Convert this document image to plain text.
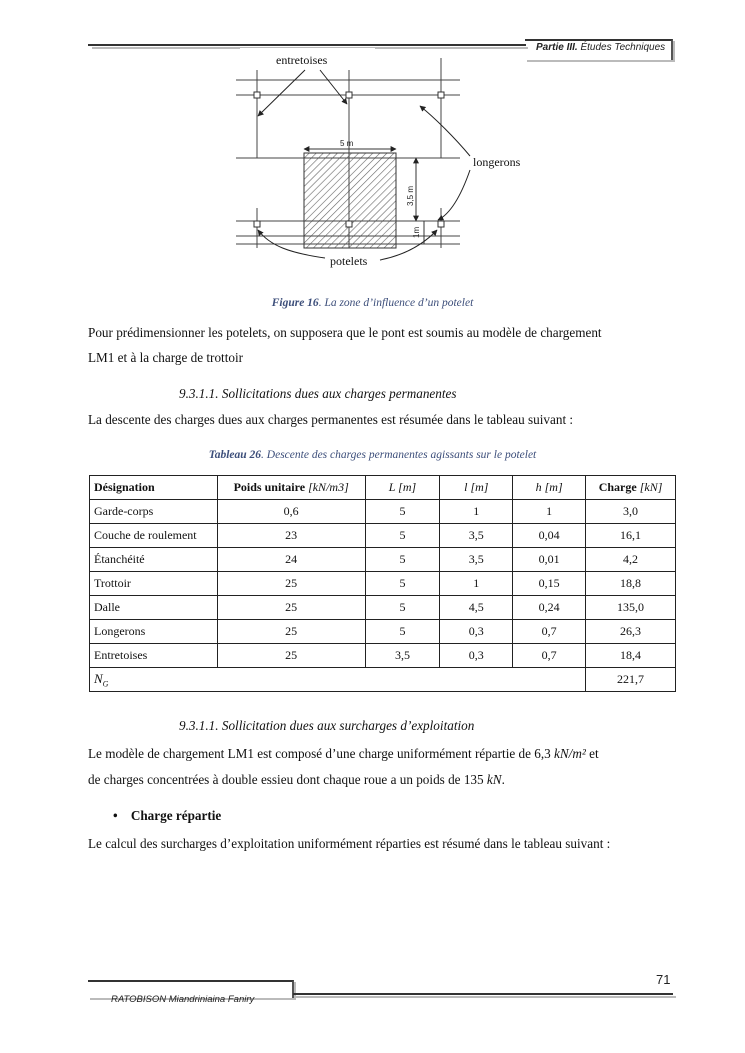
Partie III. Études Techniques
entretoises
longerons
potelets
5 m
3,5 m
1m
Figure 16. La zone d’influence d’un potelet
Pour prédimensionner les potelets, on supposera que le pont est soumis au modèle de chargement
LM1 et à la charge de trottoir
9.3.1.1. Sollicitations dues aux charges permanentes
La descente des charges dues aux charges permanentes est résumée dans le tableau suivant :
Tableau 26. Descente des charges permanentes agissants sur le potelet
Désignation	Poids unitaire [kN/m3]	L [m]	l [m]	h [m]	Charge [kN]
Garde-corps	0,6	5	1	1	3,0
Couche de roulement	23	5	3,5	0,04	16,1
Étanchéité	24	5	3,5	0,01	4,2
Trottoir	25	5	1	0,15	18,8
Dalle	25	5	4,5	0,24	135,0
Longerons	25	5	0,3	0,7	26,3
Entretoises	25	3,5	0,3	0,7	18,4
$N_G$					221,7
9.3.1.1. Sollicitation dues aux surcharges d’exploitation
Le modèle de chargement LM1 est composé d’une charge uniformément répartie de 6,3 kN/m² et
de charges concentrées à double essieu dont chaque roue a un poids de 135 kN.
• Charge répartie
Le calcul des surcharges d’exploitation uniformément réparties est résumé dans le tableau suivant :
71
RATOBISON Miandriniaina Faniry
